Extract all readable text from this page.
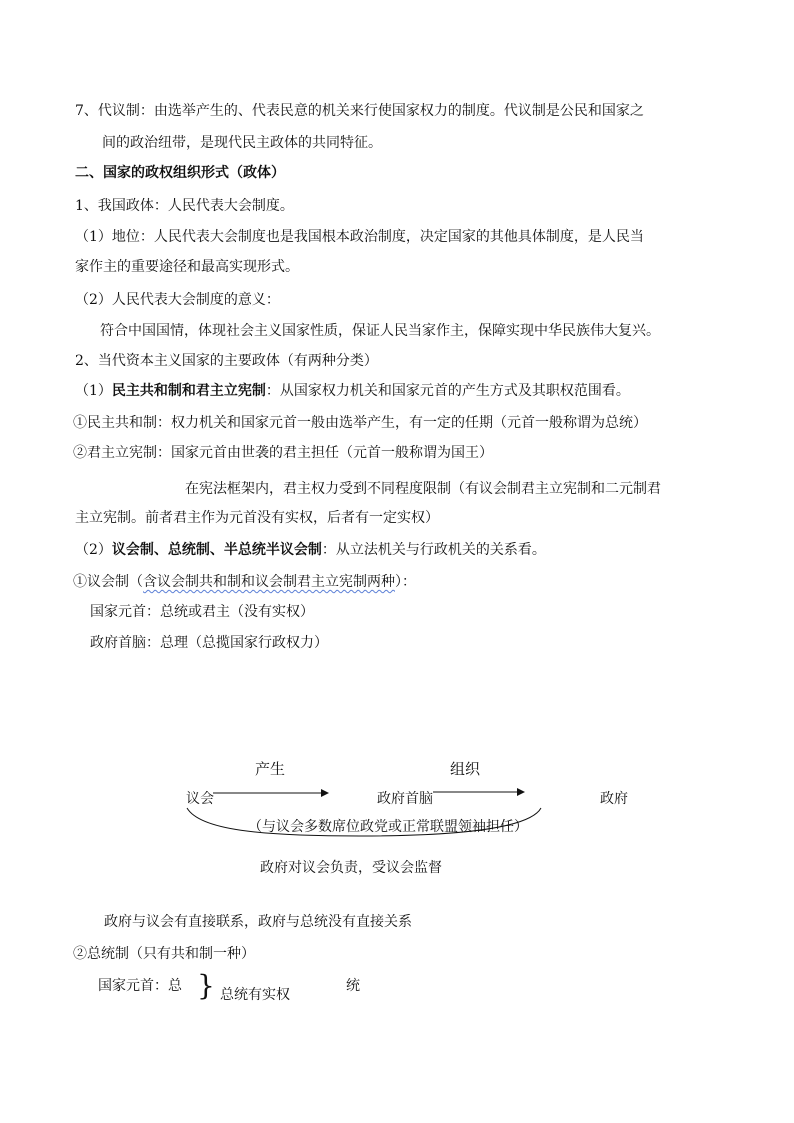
7、代议制：由选举产生的、代表民意的机关来行使国家权力的制度。代议制是公民和国家之
间的政治纽带，是现代民主政体的共同特征。
二、国家的政权组织形式（政体）
1、我国政体：人民代表大会制度。
（1）地位：人民代表大会制度也是我国根本政治制度，决定国家的其他具体制度，是人民当
家作主的重要途径和最高实现形式。
（2）人民代表大会制度的意义：
符合中国国情，体现社会主义国家性质，保证人民当家作主，保障实现中华民族伟大复兴。
2、当代资本主义国家的主要政体（有两种分类）
（1）民主共和制和君主立宪制：从国家权力机关和国家元首的产生方式及其职权范围看。
①民主共和制：权力机关和国家元首一般由选举产生，有一定的任期（元首一般称谓为总统）
②君主立宪制：国家元首由世袭的君主担任（元首一般称谓为国王）
在宪法框架内，君主权力受到不同程度限制（有议会制君主立宪制和二元制君
主立宪制。前者君主作为元首没有实权，后者有一定实权）
（2）议会制、总统制、半总统半议会制：从立法机关与行政机关的关系看。
①议会制（含议会制共和制和议会制君主立宪制两种）：
国家元首：总统或君主（没有实权）
政府首脑：总理（总揽国家行政权力）
产生	组织
议会	政府首脑	政府
（与议会多数席位政党或正常联盟领袖担任）
政府对议会负责，受议会监督
政府与议会有直接联系，政府与总统没有直接关系
②总统制（只有共和制一种）
国家元首：总 } 总统有实权
统
